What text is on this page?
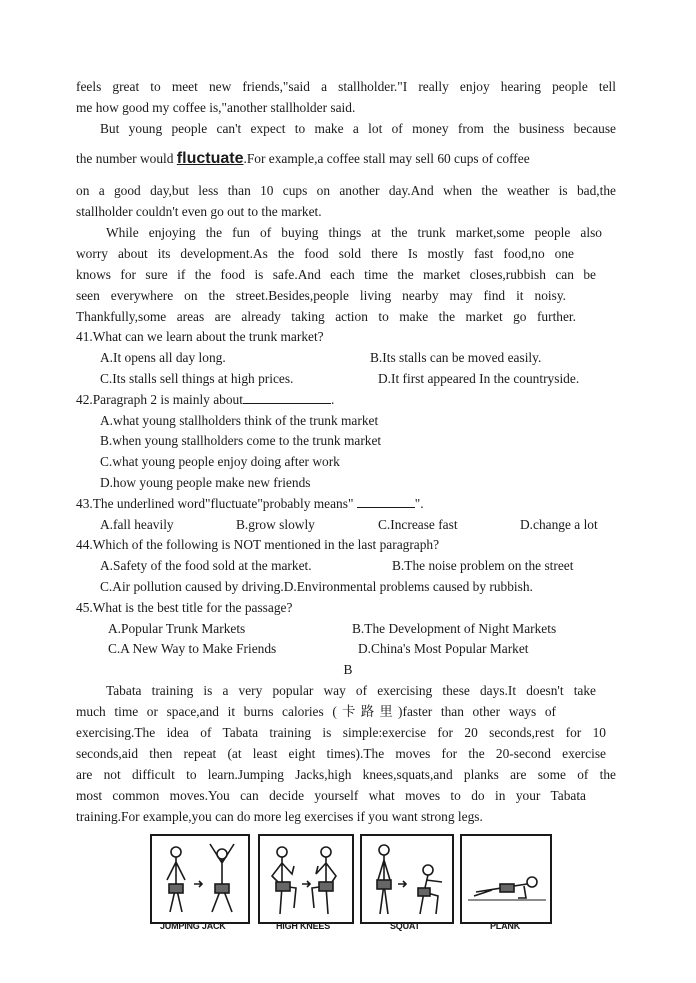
feels great to meet new friends,"said a stallholder."I really enjoy hearing people tell
me how good my coffee is,"another stallholder said.
But young people can't expect to make a lot of money from the business because
the number would fluctuate.For example,a coffee stall may sell 60 cups of coffee
on a good day,but less than 10 cups on another day.And when the weather is bad,the
stallholder couldn't even go out to the market.
While enjoying the fun of buying things at the trunk market,some people also
worry about its development.As the food sold there Is mostly fast food,no one
knows for sure if the food is safe.And each time the market closes,rubbish can be
seen everywhere on the street.Besides,people living nearby may find it noisy.
Thankfully,some areas are already taking action to make the market go further.
41.What can we learn about the trunk market?
A.It opens all day long.	B.Its stalls can be moved easily.
C.Its stalls sell things at high prices.	D.It first appeared In the countryside.
42.Paragraph 2 is mainly about	.
A.what young stallholders think of the trunk market
B.when young stallholders come to the trunk market
C.what young people enjoy doing after work
D.how young people make new friends
43.The underlined word"fluctuate"probably means"	".
A.fall heavily	B.grow slowly	C.Increase fast	D.change a lot
44.Which of the following is NOT mentioned in the last paragraph?
A.Safety of the food sold at the market.	B.The noise problem on the street
C.Air pollution caused by driving.D.Environmental problems caused by rubbish.
45.What is the best title for the passage?
A.Popular Trunk Markets	B.The Development of Night Markets
C.A New Way to Make Friends	D.China's Most Popular Market
B
Tabata training is a very popular way of exercising these days.It doesn't take
much time or space,and it burns calories (卡路里)faster than other ways of
exercising.The idea of Tabata training is simple:exercise for 20 seconds,rest for 10
seconds,aid then repeat (at least eight times).The moves for the 20-second exercise
are not difficult to learn.Jumping Jacks,high knees,squats,and planks are some of the
most common moves.You can decide yourself what moves to do in your Tabata
training.For example,you can do more leg exercises if you want strong legs.
JUMPING JACK	HIGH KNEES	SQUAT	PLANK
